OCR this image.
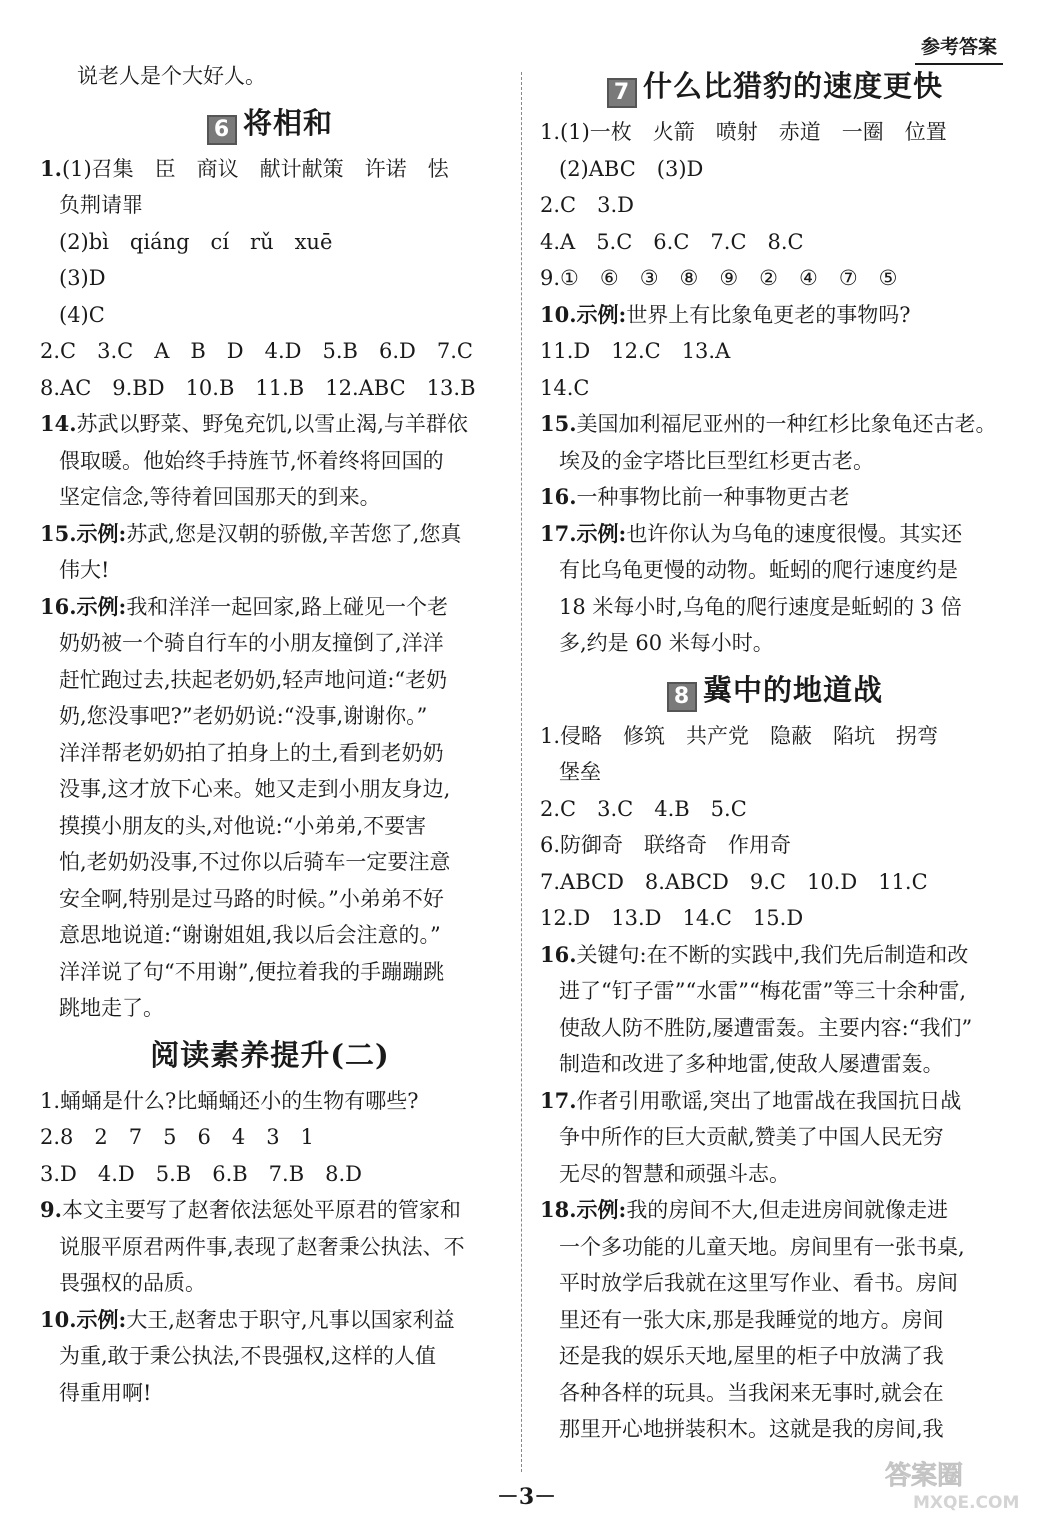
参考答案
说老人是个大好人。
6 将相和
1.(1)召集　臣　商议　献计献策　许诺　怯
负荆请罪
(2)bì　qiáng　cí　rǔ　xuē
(3)D
(4)C
2.C　3.C　A　B　D　4.D　5.B　6.D　7.C
8.AC　9.BD　10.B　11.B　12.ABC　13.B
14.苏武以野菜、野兔充饥,以雪止渴,与羊群依
偎取暖。他始终手持旌节,怀着终将回国的
坚定信念,等待着回国那天的到来。
15.示例:苏武,您是汉朝的骄傲,辛苦您了,您真
伟大!
16.示例:我和洋洋一起回家,路上碰见一个老
奶奶被一个骑自行车的小朋友撞倒了,洋洋
赶忙跑过去,扶起老奶奶,轻声地问道:“老奶
奶,您没事吧?”老奶奶说:“没事,谢谢你。”
洋洋帮老奶奶拍了拍身上的土,看到老奶奶
没事,这才放下心来。她又走到小朋友身边,
摸摸小朋友的头,对他说:“小弟弟,不要害
怕,老奶奶没事,不过你以后骑车一定要注意
安全啊,特别是过马路的时候。”小弟弟不好
意思地说道:“谢谢姐姐,我以后会注意的。”
洋洋说了句“不用谢”,便拉着我的手蹦蹦跳
跳地走了。
阅读素养提升(二)
1.蛹蛹是什么?比蛹蛹还小的生物有哪些?
2.8　2　7　5　6　4　3　1
3.D　4.D　5.B　6.B　7.B　8.D
9.本文主要写了赵奢依法惩处平原君的管家和
说服平原君两件事,表现了赵奢秉公执法、不
畏强权的品质。
10.示例:大王,赵奢忠于职守,凡事以国家利益
为重,敢于秉公执法,不畏强权,这样的人值
得重用啊!
7 什么比猎豹的速度更快
1.(1)一枚　火箭　喷射　赤道　一圈　位置
(2)ABC　(3)D
2.C　3.D
4.A　5.C　6.C　7.C　8.C
9.①　⑥　③　⑧　⑨　②　④　⑦　⑤
10.示例:世界上有比象龟更老的事物吗?
11.D　12.C　13.A
14.C
15.美国加利福尼亚州的一种红杉比象龟还古老。
埃及的金字塔比巨型红杉更古老。
16.一种事物比前一种事物更古老
17.示例:也许你认为乌龟的速度很慢。其实还
有比乌龟更慢的动物。蚯蚓的爬行速度约是
18 米每小时,乌龟的爬行速度是蚯蚓的 3 倍
多,约是 60 米每小时。
8 冀中的地道战
1.侵略　修筑　共产党　隐蔽　陷坑　拐弯
堡垒
2.C　3.C　4.B　5.C
6.防御奇　联络奇　作用奇
7.ABCD　8.ABCD　9.C　10.D　11.C
12.D　13.D　14.C　15.D
16.关键句:在不断的实践中,我们先后制造和改
进了“钉子雷”“水雷”“梅花雷”等三十余种雷,
使敌人防不胜防,屡遭雷轰。主要内容:“我们”
制造和改进了多种地雷,使敌人屡遭雷轰。
17.作者引用歌谣,突出了地雷战在我国抗日战
争中所作的巨大贡献,赞美了中国人民无穷
无尽的智慧和顽强斗志。
18.示例:我的房间不大,但走进房间就像走进
一个多功能的儿童天地。房间里有一张书桌,
平时放学后我就在这里写作业、看书。房间
里还有一张大床,那是我睡觉的地方。房间
还是我的娱乐天地,屋里的柜子中放满了我
各种各样的玩具。当我闲来无事时,就会在
那里开心地拼装积木。这就是我的房间,我
－3－
答案圈
MXQE.COM
